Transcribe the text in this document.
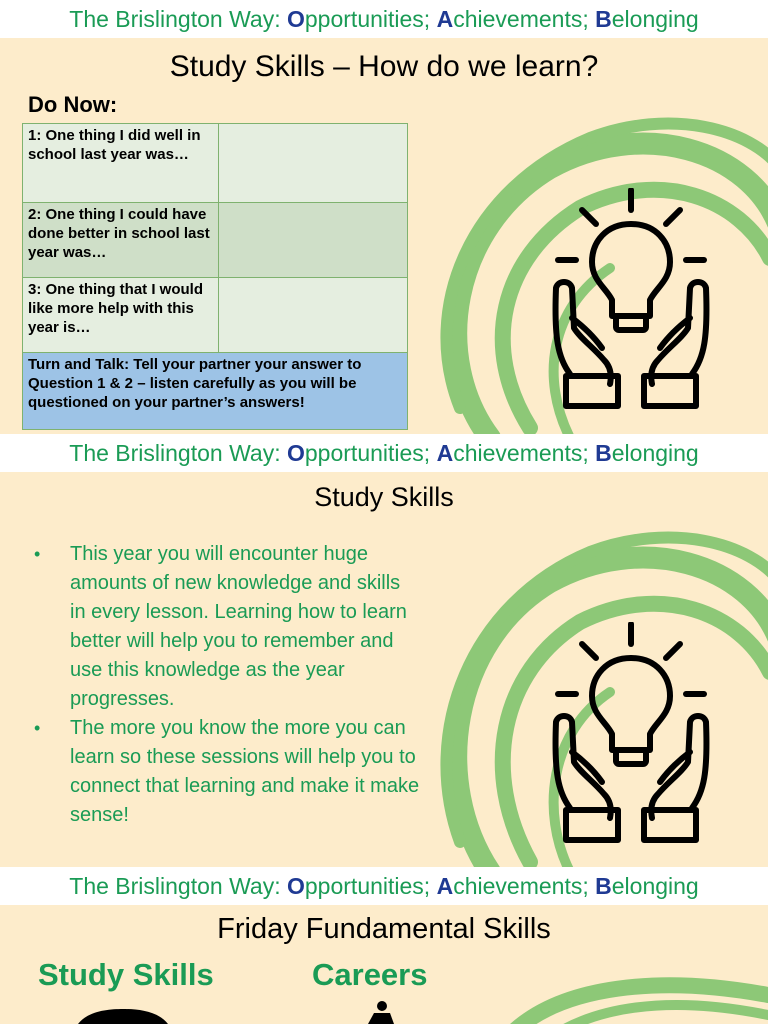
The Brislington Way: Opportunities; Achievements; Belonging
Study Skills – How do we learn?
Do Now:
1: One thing I did well in school last year was…	
2: One thing I could have done better in school last year was…	
3: One thing that I would like more help with this year is…	
Turn and Talk: Tell your partner your answer to Question 1 & 2 – listen carefully as you will be questioned on your partner’s answers!	
The Brislington Way: Opportunities; Achievements; Belonging
Study Skills
• This year you will encounter huge amounts of new knowledge and skills in every lesson. Learning how to learn better will help you to remember and use this knowledge as the year progresses.
• The more you know the more you can learn so these sessions will help you to connect that learning and make it make sense!
The Brislington Way: Opportunities; Achievements; Belonging
Friday Fundamental Skills
Study Skills	Careers
